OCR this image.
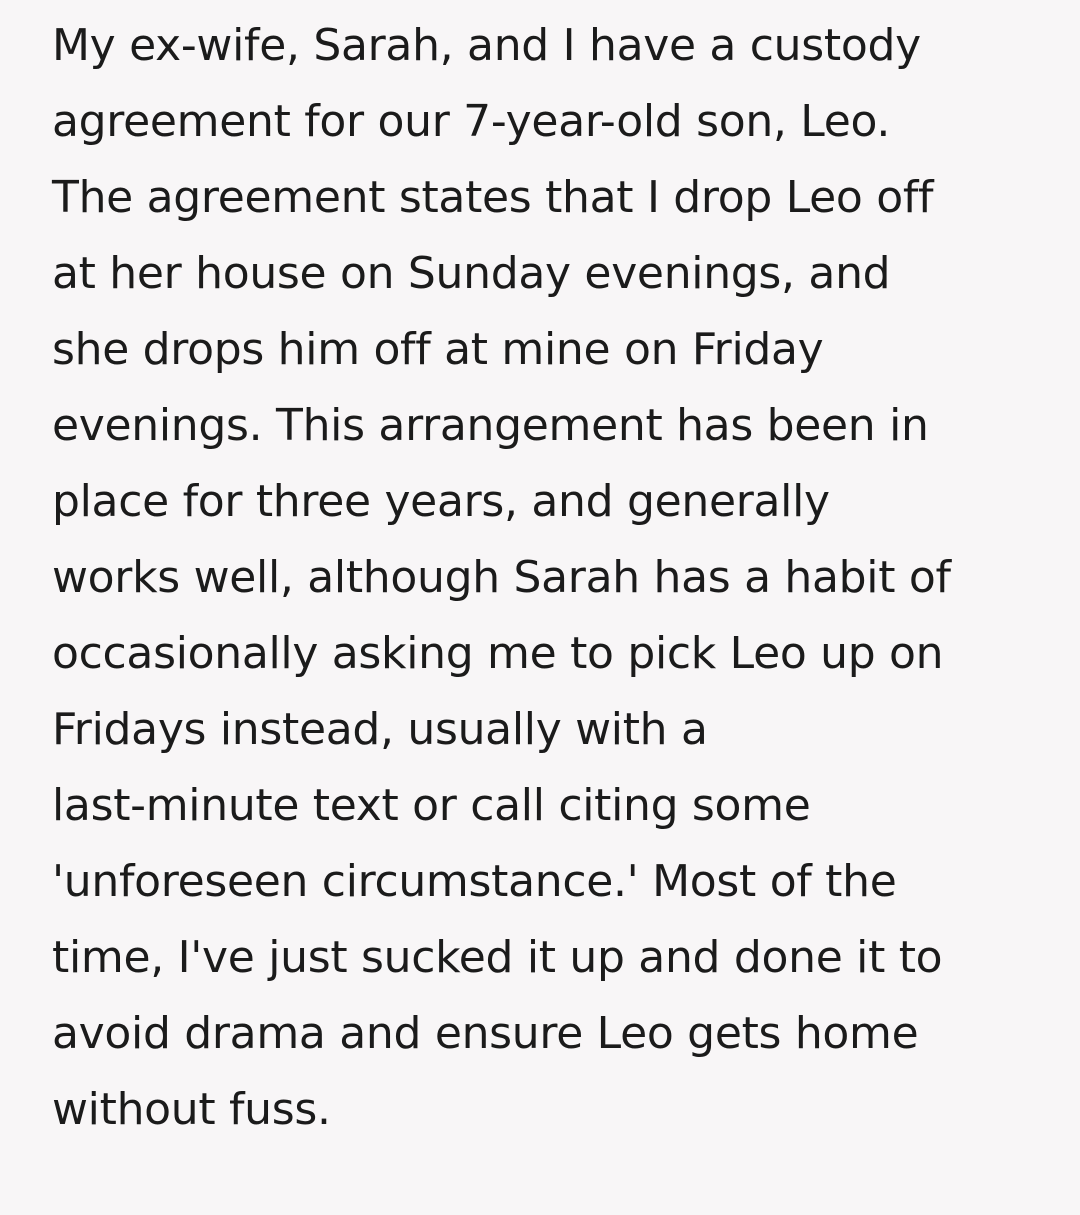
My ex-wife, Sarah, and I have a custody
agreement for our 7-year-old son, Leo.
The agreement states that I drop Leo off
at her house on Sunday evenings, and
she drops him off at mine on Friday
evenings. This arrangement has been in
place for three years, and generally
works well, although Sarah has a habit of
occasionally asking me to pick Leo up on
Fridays instead, usually with a
last-minute text or call citing some
'unforeseen circumstance.' Most of the
time, I've just sucked it up and done it to
avoid drama and ensure Leo gets home
without fuss.
